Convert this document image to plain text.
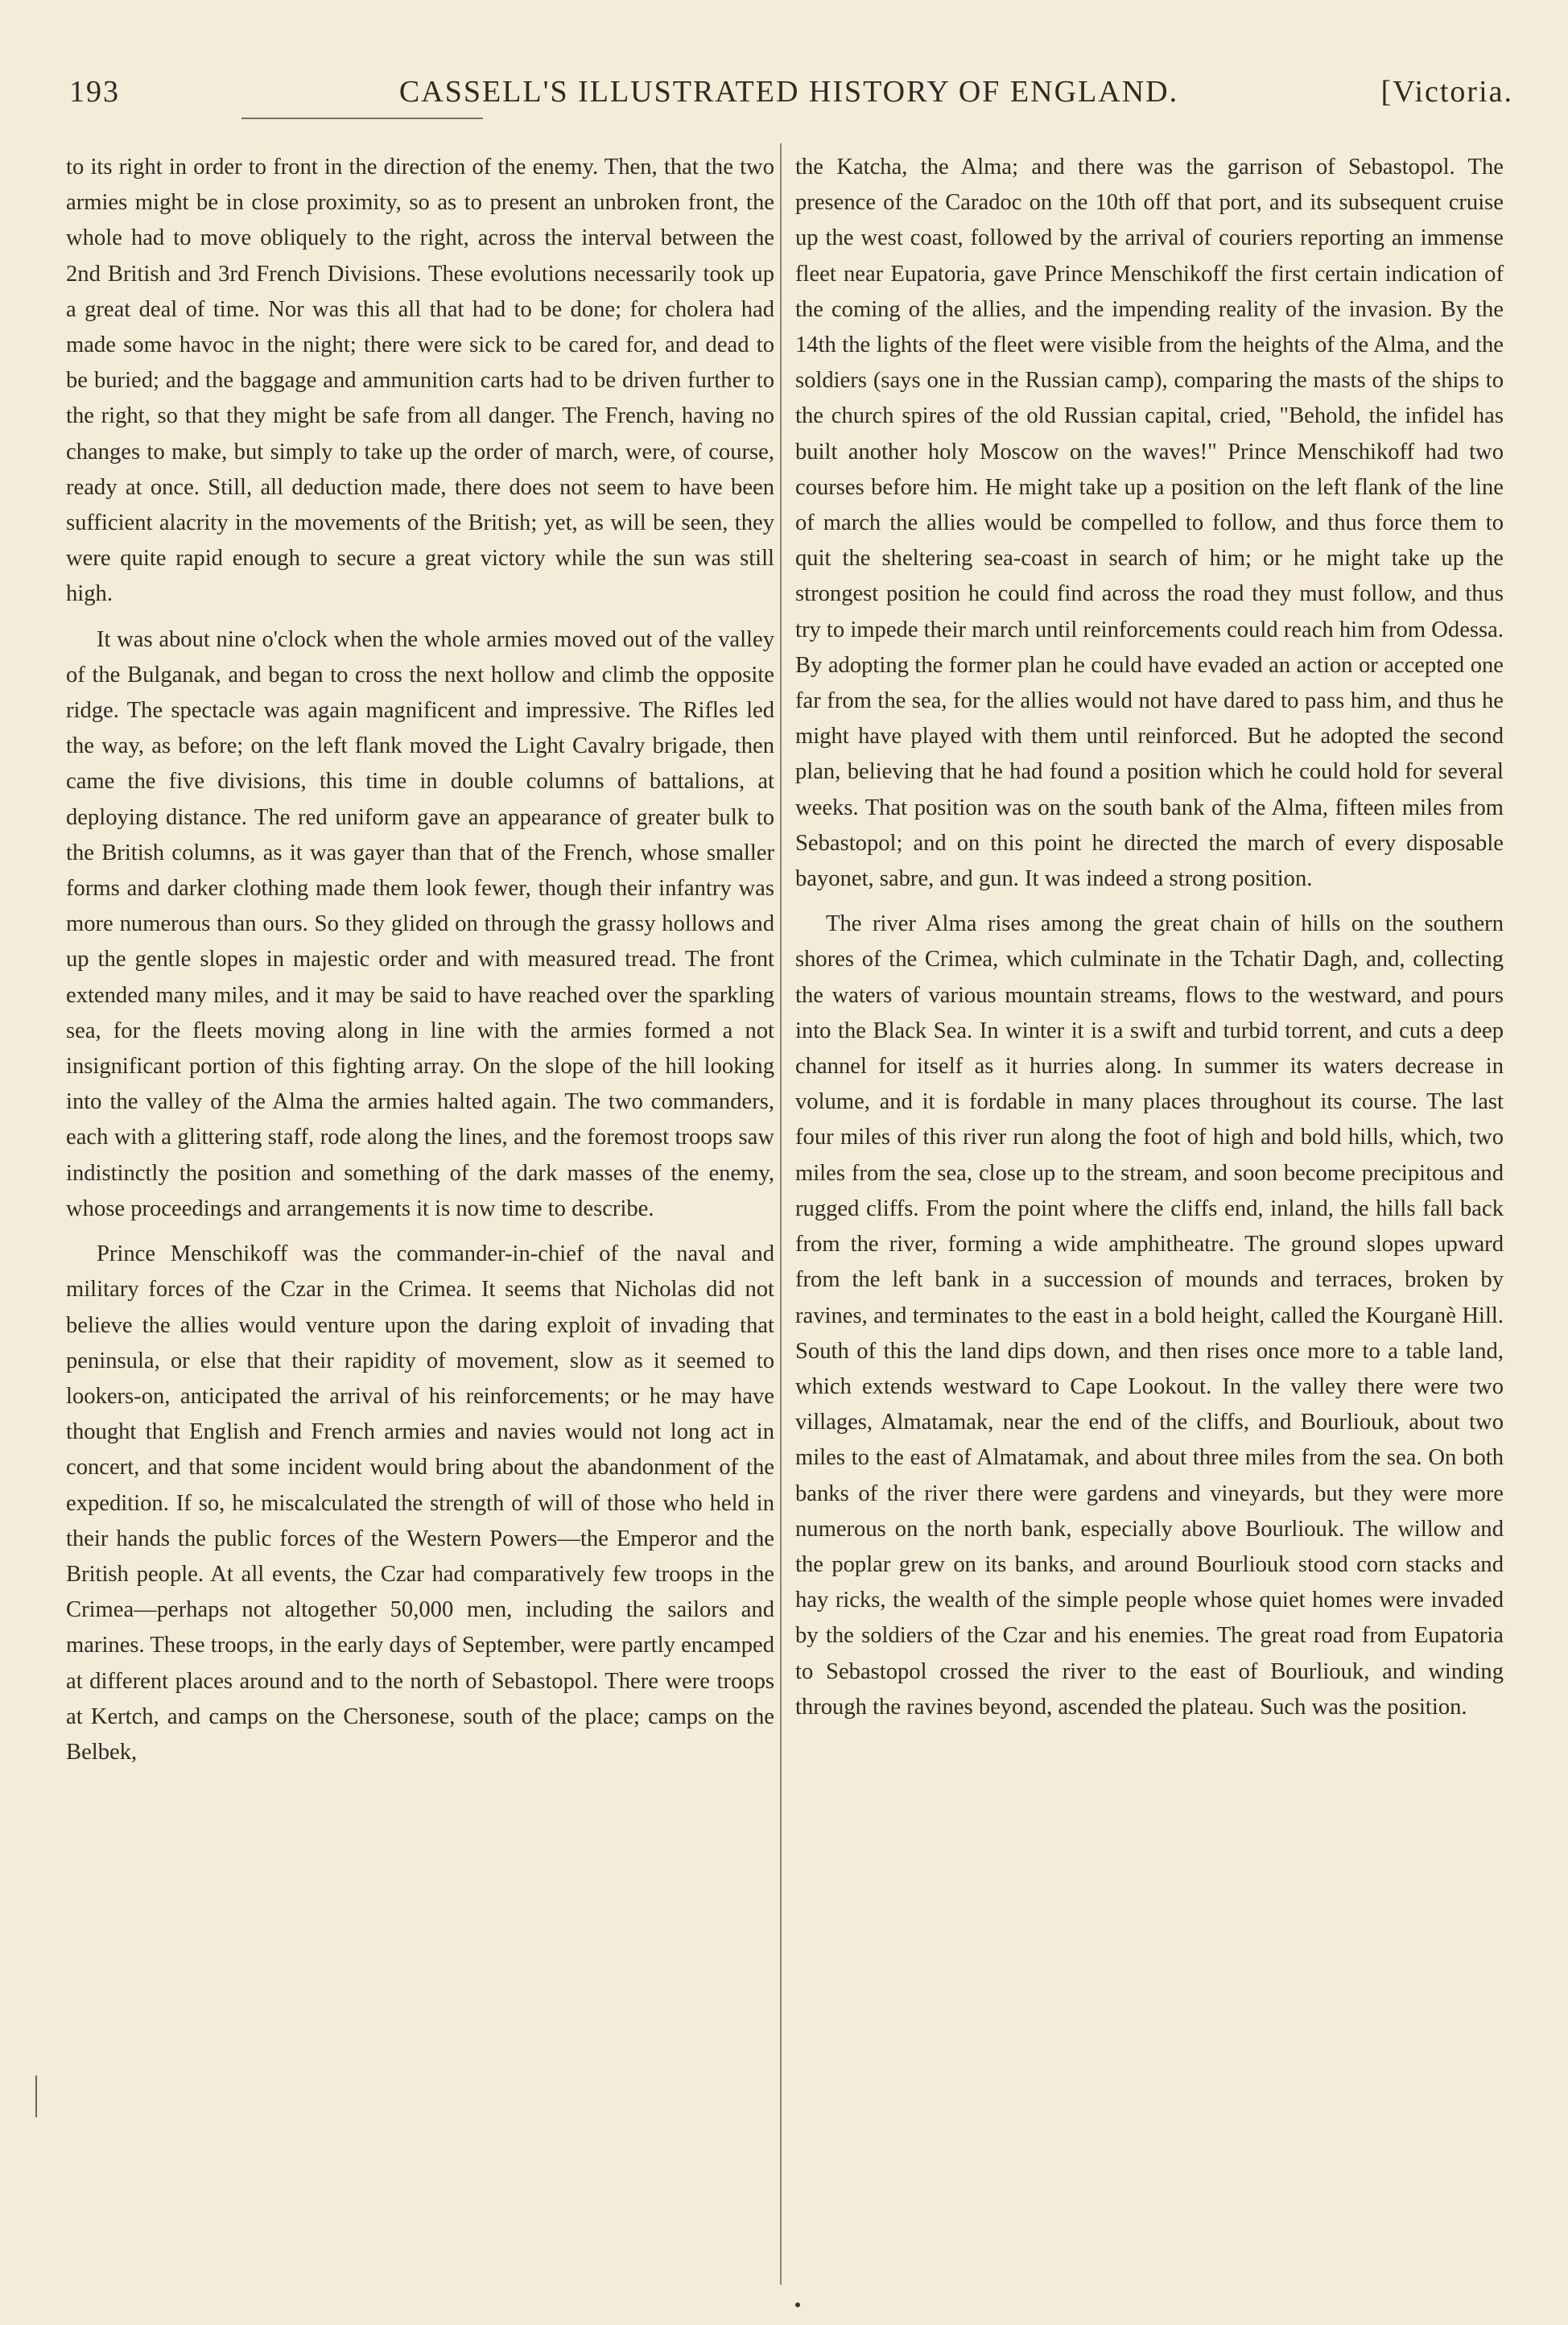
193	CASSELL'S ILLUSTRATED HISTORY OF ENGLAND.	[Victoria.

to its right in order to front in the direction of the enemy. Then, that the two armies might be in close proximity, so as to present an unbroken front, the whole had to move obliquely to the right, across the interval between the 2nd British and 3rd French Divisions. These evolutions necessarily took up a great deal of time. Nor was this all that had to be done; for cholera had made some havoc in the night; there were sick to be cared for, and dead to be buried; and the baggage and ammunition carts had to be driven further to the right, so that they might be safe from all danger. The French, having no changes to make, but simply to take up the order of march, were, of course, ready at once. Still, all deduction made, there does not seem to have been sufficient alacrity in the movements of the British; yet, as will be seen, they were quite rapid enough to secure a great victory while the sun was still high.

It was about nine o'clock when the whole armies moved out of the valley of the Bulganak, and began to cross the next hollow and climb the opposite ridge. The spectacle was again magnificent and impressive. The Rifles led the way, as before; on the left flank moved the Light Cavalry brigade, then came the five divisions, this time in double columns of battalions, at deploying distance. The red uniform gave an appearance of greater bulk to the British columns, as it was gayer than that of the French, whose smaller forms and darker clothing made them look fewer, though their infantry was more numerous than ours. So they glided on through the grassy hollows and up the gentle slopes in majestic order and with measured tread. The front extended many miles, and it may be said to have reached over the sparkling sea, for the fleets moving along in line with the armies formed a not insignificant portion of this fighting array. On the slope of the hill looking into the valley of the Alma the armies halted again. The two commanders, each with a glittering staff, rode along the lines, and the foremost troops saw indistinctly the position and something of the dark masses of the enemy, whose proceedings and arrangements it is now time to describe.

Prince Menschikoff was the commander-in-chief of the naval and military forces of the Czar in the Crimea. It seems that Nicholas did not believe the allies would venture upon the daring exploit of invading that peninsula, or else that their rapidity of movement, slow as it seemed to lookers-on, anticipated the arrival of his reinforcements; or he may have thought that English and French armies and navies would not long act in concert, and that some incident would bring about the abandonment of the expedition. If so, he miscalculated the strength of will of those who held in their hands the public forces of the Western Powers—the Emperor and the British people. At all events, the Czar had comparatively few troops in the Crimea—perhaps not altogether 50,000 men, including the sailors and marines. These troops, in the early days of September, were partly encamped at different places around and to the north of Sebastopol. There were troops at Kertch, and camps on the Chersonese, south of the place; camps on the Belbek,

the Katcha, the Alma; and there was the garrison of Sebastopol. The presence of the Caradoc on the 10th off that port, and its subsequent cruise up the west coast, followed by the arrival of couriers reporting an immense fleet near Eupatoria, gave Prince Menschikoff the first certain indication of the coming of the allies, and the impending reality of the invasion. By the 14th the lights of the fleet were visible from the heights of the Alma, and the soldiers (says one in the Russian camp), comparing the masts of the ships to the church spires of the old Russian capital, cried, "Behold, the infidel has built another holy Moscow on the waves!" Prince Menschikoff had two courses before him. He might take up a position on the left flank of the line of march the allies would be compelled to follow, and thus force them to quit the sheltering sea-coast in search of him; or he might take up the strongest position he could find across the road they must follow, and thus try to impede their march until reinforcements could reach him from Odessa. By adopting the former plan he could have evaded an action or accepted one far from the sea, for the allies would not have dared to pass him, and thus he might have played with them until reinforced. But he adopted the second plan, believing that he had found a position which he could hold for several weeks. That position was on the south bank of the Alma, fifteen miles from Sebastopol; and on this point he directed the march of every disposable bayonet, sabre, and gun. It was indeed a strong position.

The river Alma rises among the great chain of hills on the southern shores of the Crimea, which culminate in the Tchatir Dagh, and, collecting the waters of various mountain streams, flows to the westward, and pours into the Black Sea. In winter it is a swift and turbid torrent, and cuts a deep channel for itself as it hurries along. In summer its waters decrease in volume, and it is fordable in many places throughout its course. The last four miles of this river run along the foot of high and bold hills, which, two miles from the sea, close up to the stream, and soon become precipitous and rugged cliffs. From the point where the cliffs end, inland, the hills fall back from the river, forming a wide amphitheatre. The ground slopes upward from the left bank in a succession of mounds and terraces, broken by ravines, and terminates to the east in a bold height, called the Kourganè Hill. South of this the land dips down, and then rises once more to a table land, which extends westward to Cape Lookout. In the valley there were two villages, Almatamak, near the end of the cliffs, and Bourliouk, about two miles to the east of Almatamak, and about three miles from the sea. On both banks of the river there were gardens and vineyards, but they were more numerous on the north bank, especially above Bourliouk. The willow and the poplar grew on its banks, and around Bourliouk stood corn stacks and hay ricks, the wealth of the simple people whose quiet homes were invaded by the soldiers of the Czar and his enemies. The great road from Eupatoria to Sebastopol crossed the river to the east of Bourliouk, and winding through the ravines beyond, ascended the plateau. Such was the position.
